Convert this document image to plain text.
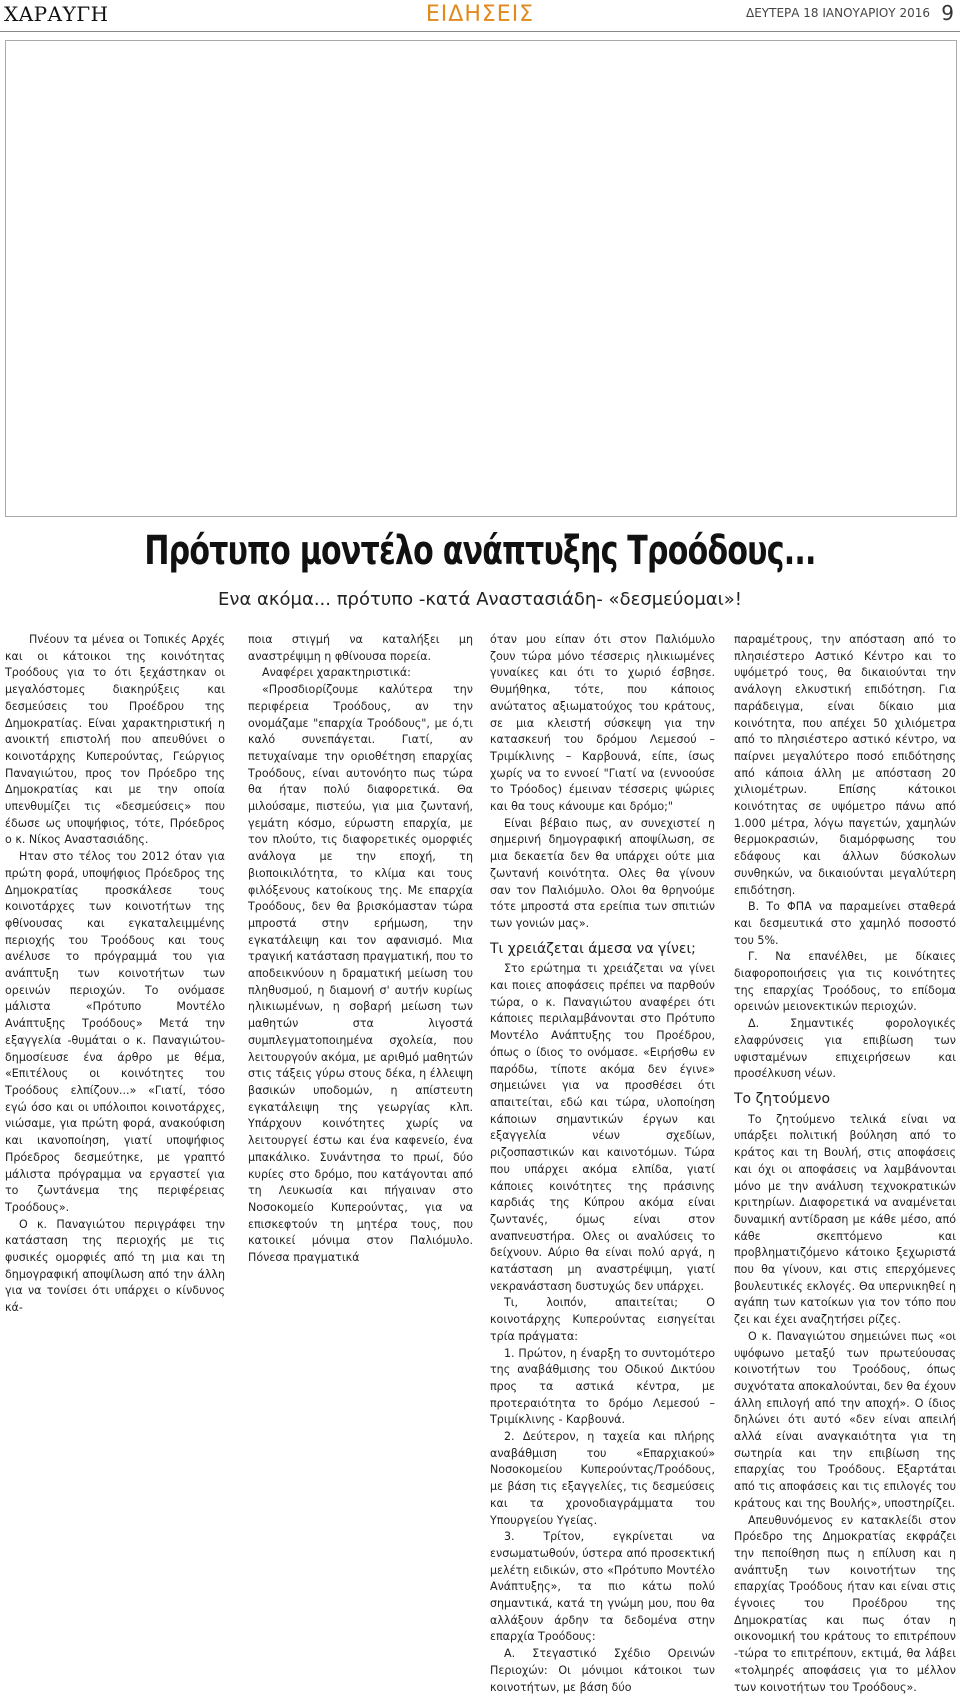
ΧΑΡΑΥΓΗ	ΕΙΔΗΣΕΙΣ	ΔΕΥΤΕΡΑ 18 ΙΑΝΟΥΑΡΙΟΥ 2016 9
Πρότυπο μοντέλο ανάπτυξης Τροόδους...
Ενα ακόμα... πρότυπο -κατά Αναστασιάδη- «δεσμεύομαι»!

Πνέουν τα μένεα οι Τοπικές Αρχές και οι κάτοικοι της κοινότητας Τροόδους για το ότι ξεχάστηκαν οι μεγαλόστομες διακηρύξεις και δεσμεύσεις του Προέδρου της Δημοκρατίας. Είναι χαρακτηριστική η ανοικτή επιστολή που απευθύνει ο κοινοτάρχης Κυπερούντας, Γεώργιος Παναγιώτου, προς τον Πρόεδρο της Δημοκρατίας και με την οποία υπενθυμίζει τις «δεσμεύσεις» που έδωσε ως υποψήφιος, τότε, Πρόεδρος ο κ. Νίκος Αναστασιάδης.

Ηταν στο τέλος του 2012 όταν για πρώτη φορά, υποψήφιος Πρόεδρος της Δημοκρατίας προσκάλεσε τους κοινοτάρχες των κοινοτήτων της φθίνουσας και εγκαταλειμμένης περιοχής του Τροόδους και τους ανέλυσε το πρόγραμμά του για ανάπτυξη των κοινοτήτων των ορεινών περιοχών. Το ονόμασε μάλιστα «Πρότυπο Μοντέλο Ανάπτυξης Τροόδους» Μετά την εξαγγελία -θυμάται ο κ. Παναγιώτου- δημοσίευσε ένα άρθρο με θέμα, «Επιτέλους οι κοινότητες του Τροόδους ελπίζουν...» «Γιατί, τόσο εγώ όσο και οι υπόλοιποι κοινοτάρχες, νιώσαμε, για πρώτη φορά, ανακούφιση και ικανοποίηση, γιατί υποψήφιος Πρόεδρος δεσμεύτηκε, με γραπτό μάλιστα πρόγραμμα να εργαστεί για το ζωντάνεμα της περιφέρειας Τροόδους».

Ο κ. Παναγιώτου περιγράφει την κατάσταση της περιοχής με τις φυσικές ομορφιές από τη μια και τη δημογραφική αποψίλωση από την άλλη για να τονίσει ότι υπάρχει ο κίνδυνος κά-

ποια στιγμή να καταλήξει μη αναστρέψιμη η φθίνουσα πορεία.

Αναφέρει χαρακτηριστικά:

«Προσδιορίζουμε καλύτερα την περιφέρεια Τροόδους, αν την ονομάζαμε "επαρχία Τροόδους", με ό,τι καλό συνεπάγεται. Γιατί, αν πετυχαίναμε την οριοθέτηση επαρχίας Τροόδους, είναι αυτονόητο πως τώρα θα ήταν πολύ διαφορετικά. Θα μιλούσαμε, πιστεύω, για μια ζωντανή, γεμάτη κόσμο, εύρωστη επαρχία, με τον πλούτο, τις διαφορετικές ομορφιές ανάλογα με την εποχή, τη βιοποικιλότητα, το κλίμα και τους φιλόξενους κατοίκους της. Με επαρχία Τροόδους, δεν θα βρισκόμασταν τώρα μπροστά στην ερήμωση, την εγκατάλειψη και τον αφανισμό. Μια τραγική κατάσταση πραγματική, που το αποδεικνύουν η δραματική μείωση του πληθυσμού, η διαμονή σ' αυτήν κυρίως ηλικιωμένων, η σοβαρή μείωση των μαθητών στα λιγοστά συμπλεγματοποιημένα σχολεία, που λειτουργούν ακόμα, με αριθμό μαθητών στις τάξεις γύρω στους δέκα, η έλλειψη βασικών υποδομών, η απίστευτη εγκατάλειψη της γεωργίας κλπ. Υπάρχουν κοινότητες χωρίς να λειτουργεί έστω και ένα καφενείο, ένα μπακάλικο. Συνάντησα το πρωί, δύο κυρίες στο δρόμο, που κατάγονται από τη Λευκωσία και πήγαιναν στο Νοσοκομείο Κυπερούντας, για να επισκεφτούν τη μητέρα τους, που κατοικεί μόνιμα στον Παλιόμυλο. Πόνεσα πραγματικά

όταν μου είπαν ότι στον Παλιόμυλο ζουν τώρα μόνο τέσσερις ηλικιωμένες γυναίκες και ότι το χωριό έσβησε. Θυμήθηκα, τότε, που κάποιος ανώτατος αξιωματούχος του κράτους, σε μια κλειστή σύσκεψη για την κατασκευή του δρόμου Λεμεσού – Τριμίκλινης – Καρβουνά, είπε, ίσως χωρίς να το εννοεί "Γιατί να (εννοούσε το Τρόοδος) έμειναν τέσσερις ψώριες και θα τους κάνουμε και δρόμο;"

Είναι βέβαιο πως, αν συνεχιστεί η σημερινή δημογραφική αποψίλωση, σε μια δεκαετία δεν θα υπάρχει ούτε μια ζωντανή κοινότητα. Ολες θα γίνουν σαν τον Παλιόμυλο. Ολοι θα θρηνούμε τότε μπροστά στα ερείπια των σπιτιών των γονιών μας».

Τι χρειάζεται άμεσα να γίνει;

Στο ερώτημα τι χρειάζεται να γίνει και ποιες αποφάσεις πρέπει να παρθούν τώρα, ο κ. Παναγιώτου αναφέρει ότι κάποιες περιλαμβάνονται στο Πρότυπο Μοντέλο Ανάπτυξης του Προέδρου, όπως ο ίδιος το ονόμασε. «Ειρήσθω εν παρόδω, τίποτε ακόμα δεν έγινε» σημειώνει για να προσθέσει ότι απαιτείται, εδώ και τώρα, υλοποίηση κάποιων σημαντικών έργων και εξαγγελία νέων σχεδίων, ριζοσπαστικών και καινοτόμων. Τώρα που υπάρχει ακόμα ελπίδα, γιατί κάποιες κοινότητες της πράσινης καρδιάς της Κύπρου ακόμα είναι ζωντανές, όμως είναι στον αναπνευστήρα. Ολες οι αναλύσεις το δείχνουν. Αύριο θα είναι πολύ αργά, η κατάσταση μη αναστρέψιμη, γιατί νεκρανάσταση δυστυχώς δεν υπάρχει.

Τι, λοιπόν, απαιτείται; Ο κοινοτάρχης Κυπερούντας εισηγείται τρία πράγματα:

1. Πρώτον, η έναρξη το συντομότερο της αναβάθμισης του Οδικού Δικτύου προς τα αστικά κέντρα, με προτεραιότητα το δρόμο Λεμεσού – Τριμίκλινης - Καρβουνά.

2. Δεύτερον, η ταχεία και πλήρης αναβάθμιση του «Επαρχιακού» Νοσοκομείου Κυπερούντας/Τροόδους, με βάση τις εξαγγελίες, τις δεσμεύσεις και τα χρονοδιαγράμματα του Υπουργείου Υγείας.

3. Τρίτον, εγκρίνεται να ενσωματωθούν, ύστερα από προσεκτική μελέτη ειδικών, στο «Πρότυπο Μοντέλο Ανάπτυξης», τα πιο κάτω πολύ σημαντικά, κατά τη γνώμη μου, που θα αλλάξουν άρδην τα δεδομένα στην επαρχία Τροόδους:

Α. Στεγαστικό Σχέδιο Ορεινών Περιοχών: Οι μόνιμοι κάτοικοι των κοινοτήτων, με βάση δύο

παραμέτρους, την απόσταση από το πλησιέστερο Αστικό Κέντρο και το υψόμετρό τους, θα δικαιούνται την ανάλογη ελκυστική επιδότηση. Για παράδειγμα, είναι δίκαιο μια κοινότητα, που απέχει 50 χιλιόμετρα από το πλησιέστερο αστικό κέντρο, να παίρνει μεγαλύτερο ποσό επιδότησης από κάποια άλλη με απόσταση 20 χιλιομέτρων. Επίσης κάτοικοι κοινότητας σε υψόμετρο πάνω από 1.000 μέτρα, λόγω παγετών, χαμηλών θερμοκρασιών, διαμόρφωσης του εδάφους και άλλων δύσκολων συνθηκών, να δικαιούνται μεγαλύτερη επιδότηση.

Β. Το ΦΠΑ να παραμείνει σταθερά και δεσμευτικά στο χαμηλό ποσοστό του 5%.

Γ. Να επανέλθει, με δίκαιες διαφοροποιήσεις για τις κοινότητες της επαρχίας Τροόδους, το επίδομα ορεινών μειονεκτικών περιοχών.

Δ. Σημαντικές φορολογικές ελαφρύνσεις για επιβίωση των υφισταμένων επιχειρήσεων και προσέλκυση νέων.

Το ζητούμενο

Το ζητούμενο τελικά είναι να υπάρξει πολιτική βούληση από το κράτος και τη Βουλή, στις αποφάσεις και όχι οι αποφάσεις να λαμβάνονται μόνο με την ανάλυση τεχνοκρατικών κριτηρίων. Διαφορετικά να αναμένεται δυναμική αντίδραση με κάθε μέσο, από κάθε σκεπτόμενο και προβληματιζόμενο κάτοικο ξεχωριστά που θα γίνουν, και στις επερχόμενες βουλευτικές εκλογές. Θα υπερνικηθεί η αγάπη των κατοίκων για τον τόπο που ζει και έχει αναζητήσει ρίζες.

Ο κ. Παναγιώτου σημειώνει πως «οι υψόφωνο μεταξύ των πρωτεύουσας κοινοτήτων του Τροόδους, όπως συχνότατα αποκαλούνται, δεν θα έχουν άλλη επιλογή από την αποχή». Ο ίδιος δηλώνει ότι αυτό «δεν είναι απειλή αλλά είναι αναγκαιότητα για τη σωτηρία και την επιβίωση της επαρχίας του Τροόδους. Εξαρτάται από τις αποφάσεις και τις επιλογές του κράτους και της Βουλής», υποστηρίζει.

Απευθυνόμενος εν κατακλείδι στον Πρόεδρο της Δημοκρατίας εκφράζει την πεποίθηση πως η επίλυση και η ανάπτυξη των κοινοτήτων της επαρχίας Τροόδους ήταν και είναι στις έγνοιες του Προέδρου της Δημοκρατίας και πως όταν η οικονομική του κράτους το επιτρέπουν -τώρα το επιτρέπουν, εκτιμά, θα λάβει «τολμηρές αποφάσεις για το μέλλον των κοινοτήτων του Τροόδους».
